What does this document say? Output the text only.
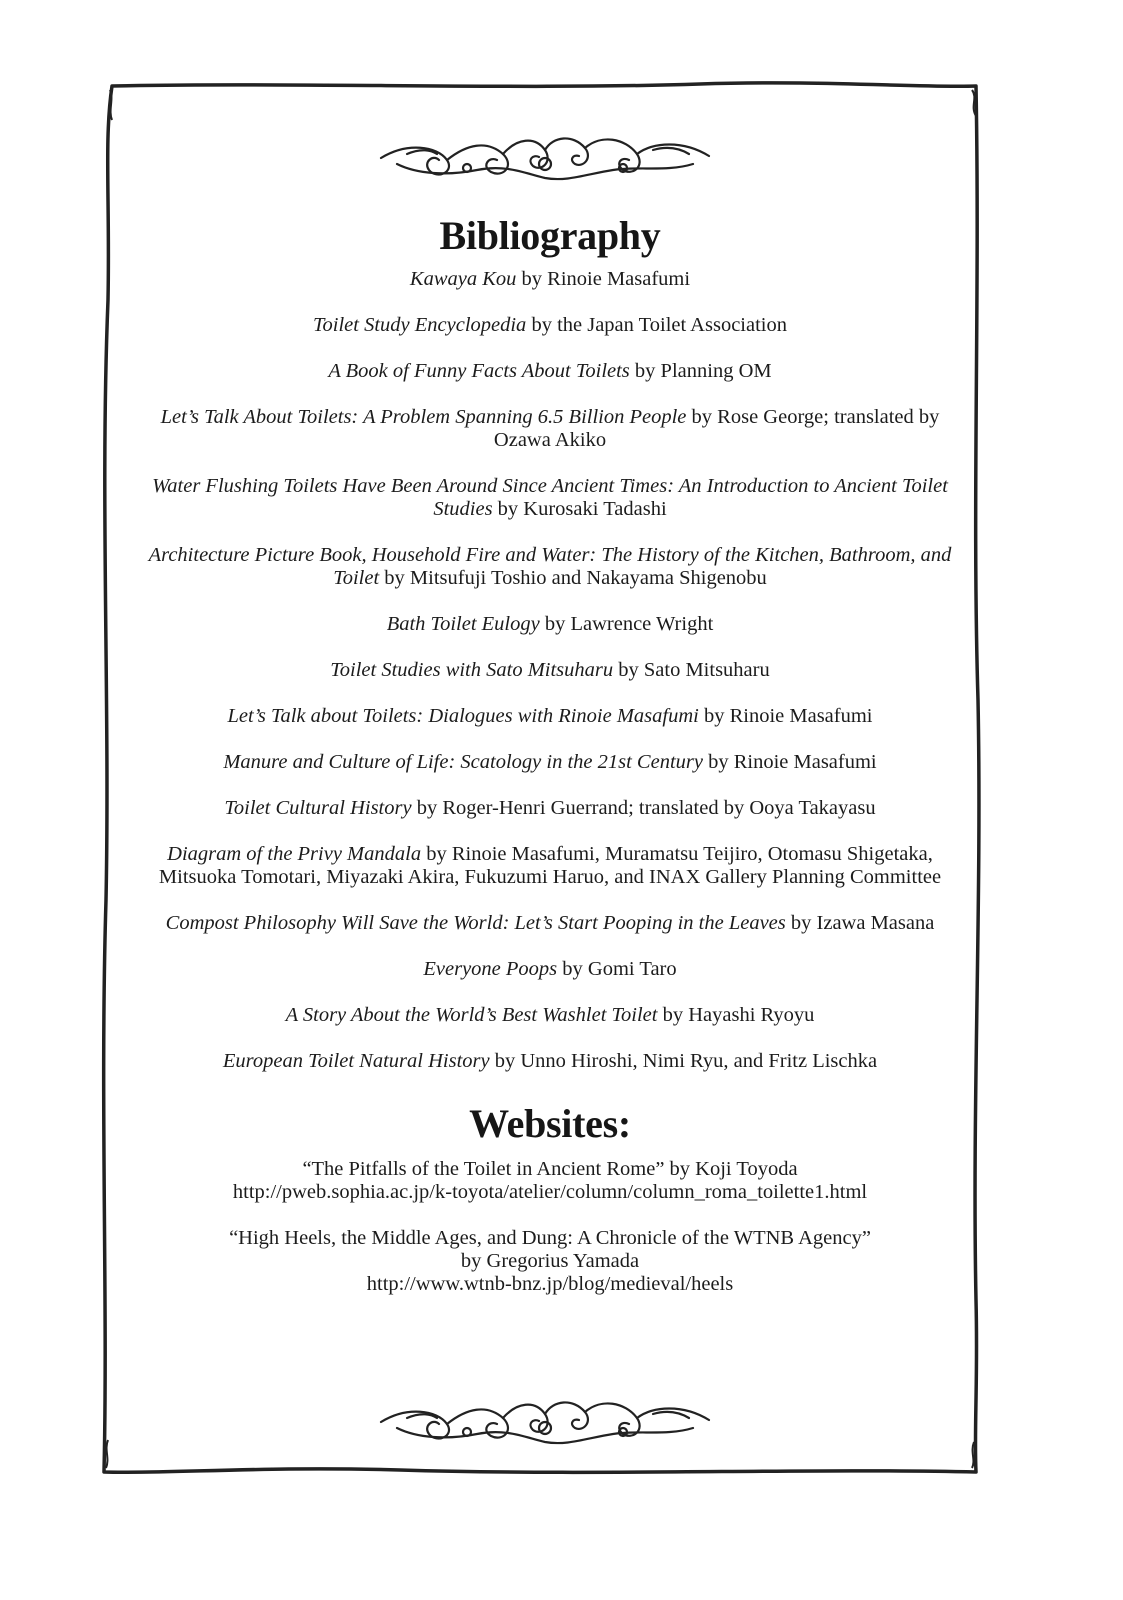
Bibliography

Kawaya Kou by Rinoie Masafumi

Toilet Study Encyclopedia by the Japan Toilet Association

A Book of Funny Facts About Toilets by Planning OM

Let’s Talk About Toilets: A Problem Spanning 6.5 Billion People by Rose George; translated by Ozawa Akiko

Water Flushing Toilets Have Been Around Since Ancient Times: An Introduction to Ancient Toilet Studies by Kurosaki Tadashi

Architecture Picture Book, Household Fire and Water: The History of the Kitchen, Bathroom, and Toilet by Mitsufuji Toshio and Nakayama Shigenobu

Bath Toilet Eulogy by Lawrence Wright

Toilet Studies with Sato Mitsuharu by Sato Mitsuharu

Let’s Talk about Toilets: Dialogues with Rinoie Masafumi by Rinoie Masafumi

Manure and Culture of Life: Scatology in the 21st Century by Rinoie Masafumi

Toilet Cultural History by Roger-Henri Guerrand; translated by Ooya Takayasu

Diagram of the Privy Mandala by Rinoie Masafumi, Muramatsu Teijiro, Otomasu Shigetaka, Mitsuoka Tomotari, Miyazaki Akira, Fukuzumi Haruo, and INAX Gallery Planning Committee

Compost Philosophy Will Save the World: Let’s Start Pooping in the Leaves by Izawa Masana

Everyone Poops by Gomi Taro

A Story About the World’s Best Washlet Toilet by Hayashi Ryoyu

European Toilet Natural History by Unno Hiroshi, Nimi Ryu, and Fritz Lischka

Websites:
“The Pitfalls of the Toilet in Ancient Rome” by Koji Toyoda
http://pweb.sophia.ac.jp/k-toyota/atelier/column/column_roma_toilette1.html
“High Heels, the Middle Ages, and Dung: A Chronicle of the WTNB Agency”
by Gregorius Yamada
http://www.wtnb-bnz.jp/blog/medieval/heels
